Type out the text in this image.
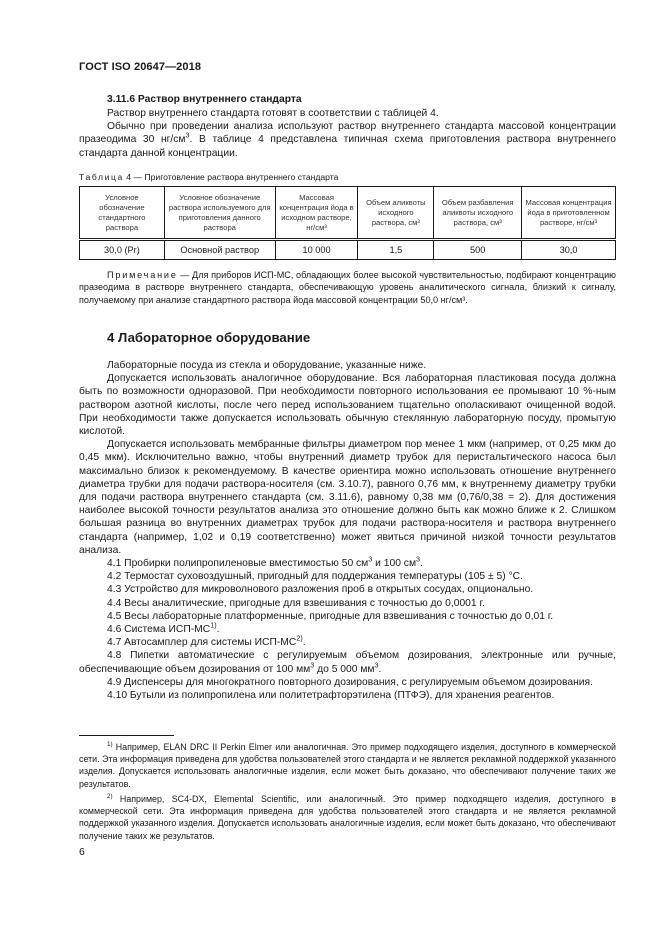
ГОСТ ISO 20647—2018
3.11.6 Раствор внутреннего стандарта

Раствор внутреннего стандарта готовят в соответствии с таблицей 4.

Обычно при проведении анализа используют раствор внутреннего стандарта массовой концентрации празеодима 30 $нг/см^3$. В таблице 4 представлена типичная схема приготовления раствора внутреннего стандарта данной концентрации.

Таблица 4 — Приготовление раствора внутреннего стандарта
Условное обозначение стандартного раствора	Условное обозначение раствора используемого для приготовления данного раствора	Массовая концентрация йода в исходном растворе, нг/см³	Объем аликвоты исходного раствора, см³	Объем разбавления аликвоты исходного раствора, см³	Массовая концентрация йода в приготовленном растворе, нг/см³
30,0 (Pr)	Основной раствор	10 000	1,5	500	30,0
Примечание — Для приборов ИСП-МС, обладающих более высокой чувствительностью, подбирают концентрацию празеодима в растворе внутреннего стандарта, обеспечивающую уровень аналитического сигнала, близкий к сигналу, получаемому при анализе стандартного раствора йода массовой концентрации 50,0 нг/см³.
4 Лабораторное оборудование

Лабораторные посуда из стекла и оборудование, указанные ниже.

Допускается использовать аналогичное оборудование. Вся лабораторная пластиковая посуда должна быть по возможности одноразовой. При необходимости повторного использования ее промывают 10 %-ным раствором азотной кислоты, после чего перед использованием тщательно ополаскивают очищенной водой. При необходимости также допускается использовать обычную стеклянную лабораторную посуду, промытую кислотой.

Допускается использовать мембранные фильтры диаметром пор менее 1 мкм (например, от 0,25 мкм до 0,45 мкм). Исключительно важно, чтобы внутренний диаметр трубок для перистальтического насоса был максимально близок к рекомендуемому. В качестве ориентира можно использовать отношение внутреннего диаметра трубки для подачи раствора-носителя (см. 3.10.7), равного 0,76 мм, к внутреннему диаметру трубки для подачи раствора внутреннего стандарта (см. 3.11.6), равному 0,38 мм (0,76/0,38 = 2). Для достижения наиболее высокой точности результатов анализа это отношение должно быть как можно ближе к 2. Слишком большая разница во внутренних диаметрах трубок для подачи раствора-носителя и раствора внутреннего стандарта (например, 1,02 и 0,19 соответственно) может явиться причиной низкой точности результатов анализа.

4.1 Пробирки полипропиленовые вместимостью 50 $см^3$ и 100 $см^3$.

4.2 Термостат суховоздушный, пригодный для поддержания температуры (105 ± 5) °С.

4.3 Устройство для микроволнового разложения проб в открытых сосудах, опционально.

4.4 Весы аналитические, пригодные для взвешивания с точностью до 0,0001 г.

4.5 Весы лабораторные платформенные, пригодные для взвешивания с точностью до 0,01 г.

4.6 Система ИСП-МС$^{1)}$.

4.7 Автосамплер для системы ИСП-МС$^{2)}$.

4.8 Пипетки автоматические с регулируемым объемом дозирования, электронные или ручные, обеспечивающие объем дозирования от 100 $мм^3$ до 5 000 $мм^3$.

4.9 Диспенсеры для многократного повторного дозирования, с регулируемым объемом дозирования.

4.10 Бутыли из полипропилена или политетрафторэтилена (ПТФЭ), для хранения реагентов.

$^{1)}$ Например, ELAN DRC II Perkin Elmer или аналогичная. Это пример подходящего изделия, доступного в коммерческой сети. Эта информация приведена для удобства пользователей этого стандарта и не является рекламной поддержкой указанного изделия. Допускается использовать аналогичные изделия, если может быть доказано, что обеспечивают получение таких же результатов.

$^{2)}$ Например, SC4-DX, Elemental Scientific, или аналогичный. Это пример подходящего изделия, доступного в коммерческой сети. Эта информация приведена для удобства пользователей этого стандарта и не является рекламной поддержкой указанного изделия. Допускается использовать аналогичные изделия, если может быть доказано, что обеспечивают получение таких же результатов.

6
